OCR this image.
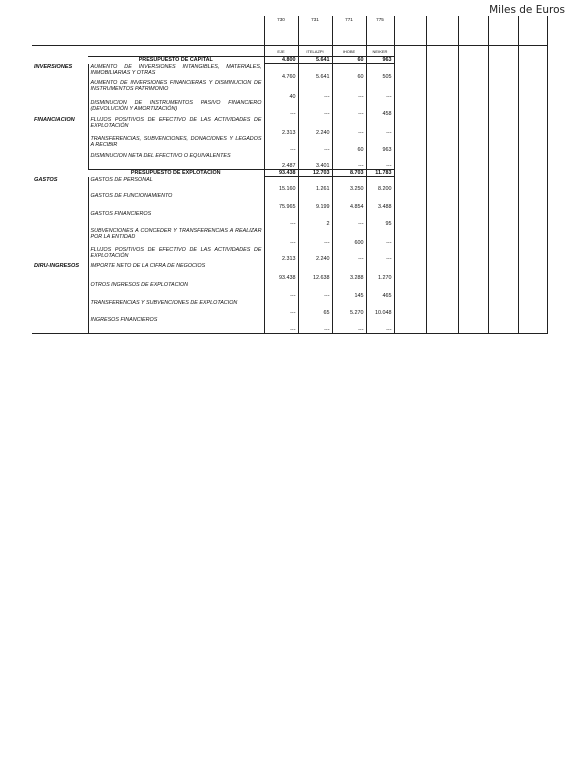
Miles de Euros

		730	731	771	775					
		EJE	ITELAZPI	IHOBE	NEIKER					
	PRESUPUESTO DE CAPITAL	4.800	5.641	60	963					
INVERSIONES	AUMENTO DE INVERSIONES INTANGIBLES, MATERIALES, INMOBILIARIAS Y OTRAS	4.760	5.641	60	505					
	AUMENTO DE INVERSIONES FINANCIERAS Y DISMINUCIÓN DE INSTRUMENTOS PATRIMONIO	40	---	---	---					
	DISMINUCIÓN DE INSTRUMENTOS PASIVO FINANCIERO (DEVOLUCIÓN Y AMORTIZACIÓN)	---	---	---	458					
FINANCIACION	FLUJOS POSITIVOS DE EFECTIVO DE LAS ACTIVIDADES DE EXPLOTACIÓN	2.313	2.240	---	---					
	TRANSFERENCIAS, SUBVENCIONES, DONACIONES Y LEGADOS A RECIBIR	---	---	60	963					
	DISMINUCIÓN NETA DEL EFECTIVO O EQUIVALENTES	2.487	3.401	---	---					
	PRESUPUESTO DE EXPLOTACIÓN	93.438	12.703	8.703	11.783					
GASTOS	GASTOS DE PERSONAL	15.160	1.261	3.250	8.200					
	GASTOS DE FUNCIONAMIENTO	75.965	9.199	4.854	3.488					
	GASTOS FINANCIEROS	---	2	---	95					
	SUBVENCIONES A CONCEDER Y TRANSFERENCIAS A REALIZAR POR LA ENTIDAD	---	---	600	---					
	FLUJOS POSITIVOS DE EFECTIVO DE LAS ACTIVIDADES DE EXPLOTACIÓN	2.313	2.240	---	---					
DIRU-INGRESOS	IMPORTE NETO DE LA CIFRA DE NEGOCIOS	93.438	12.638	3.288	1.270					
	OTROS INGRESOS DE EXPLOTACIÓN	---	---	145	465					
	TRANSFERENCIAS Y SUBVENCIONES DE EXPLOTACIÓN	---	65	5.270	10.048					
	INGRESOS FINANCIEROS	---	---	---	---					
